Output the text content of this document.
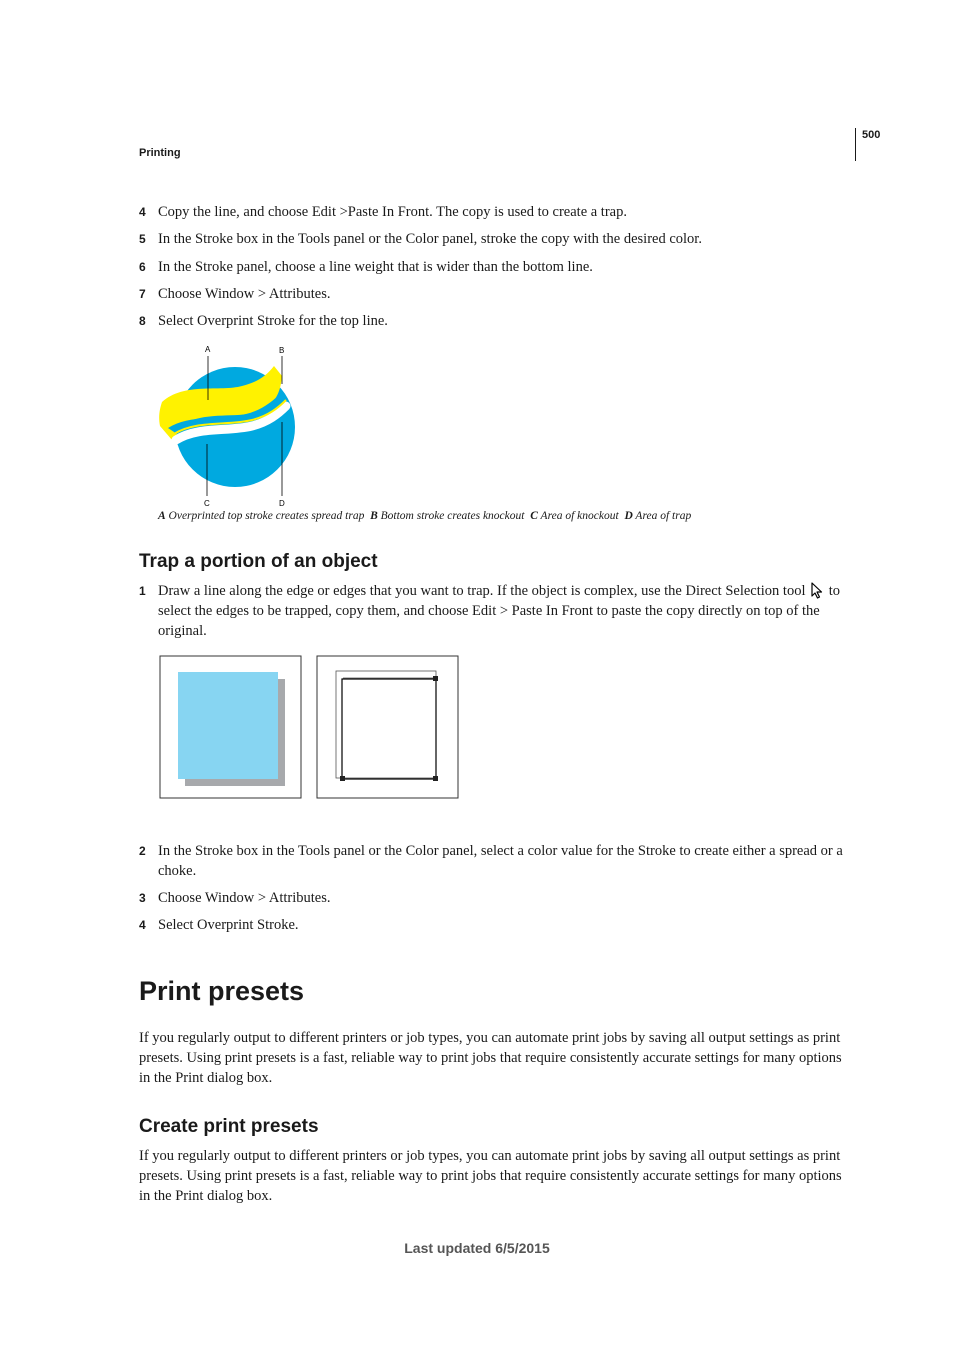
Printing
500
4 Copy the line, and choose Edit >Paste In Front. The copy is used to create a trap.
5 In the Stroke box in the Tools panel or the Color panel, stroke the copy with the desired color.
6 In the Stroke panel, choose a line weight that is wider than the bottom line.
7 Choose Window > Attributes.
8 Select Overprint Stroke for the top line.
A	B
C	D
A Overprinted top stroke creates spread trap B Bottom stroke creates knockout C Area of knockout D Area of trap
Trap a portion of an object
1 Draw a line along the edge or edges that you want to trap. If the object is complex, use the Direct Selection tool to select the edges to be trapped, copy them, and choose Edit > Paste In Front to paste the copy directly on top of the original.
2 In the Stroke box in the Tools panel or the Color panel, select a color value for the Stroke to create either a spread or a choke.
3 Choose Window > Attributes.
4 Select Overprint Stroke.
Print presets
If you regularly output to different printers or job types, you can automate print jobs by saving all output settings as print presets. Using print presets is a fast, reliable way to print jobs that require consistently accurate settings for many options in the Print dialog box.
Create print presets
If you regularly output to different printers or job types, you can automate print jobs by saving all output settings as print presets. Using print presets is a fast, reliable way to print jobs that require consistently accurate settings for many options in the Print dialog box.
Last updated 6/5/2015
